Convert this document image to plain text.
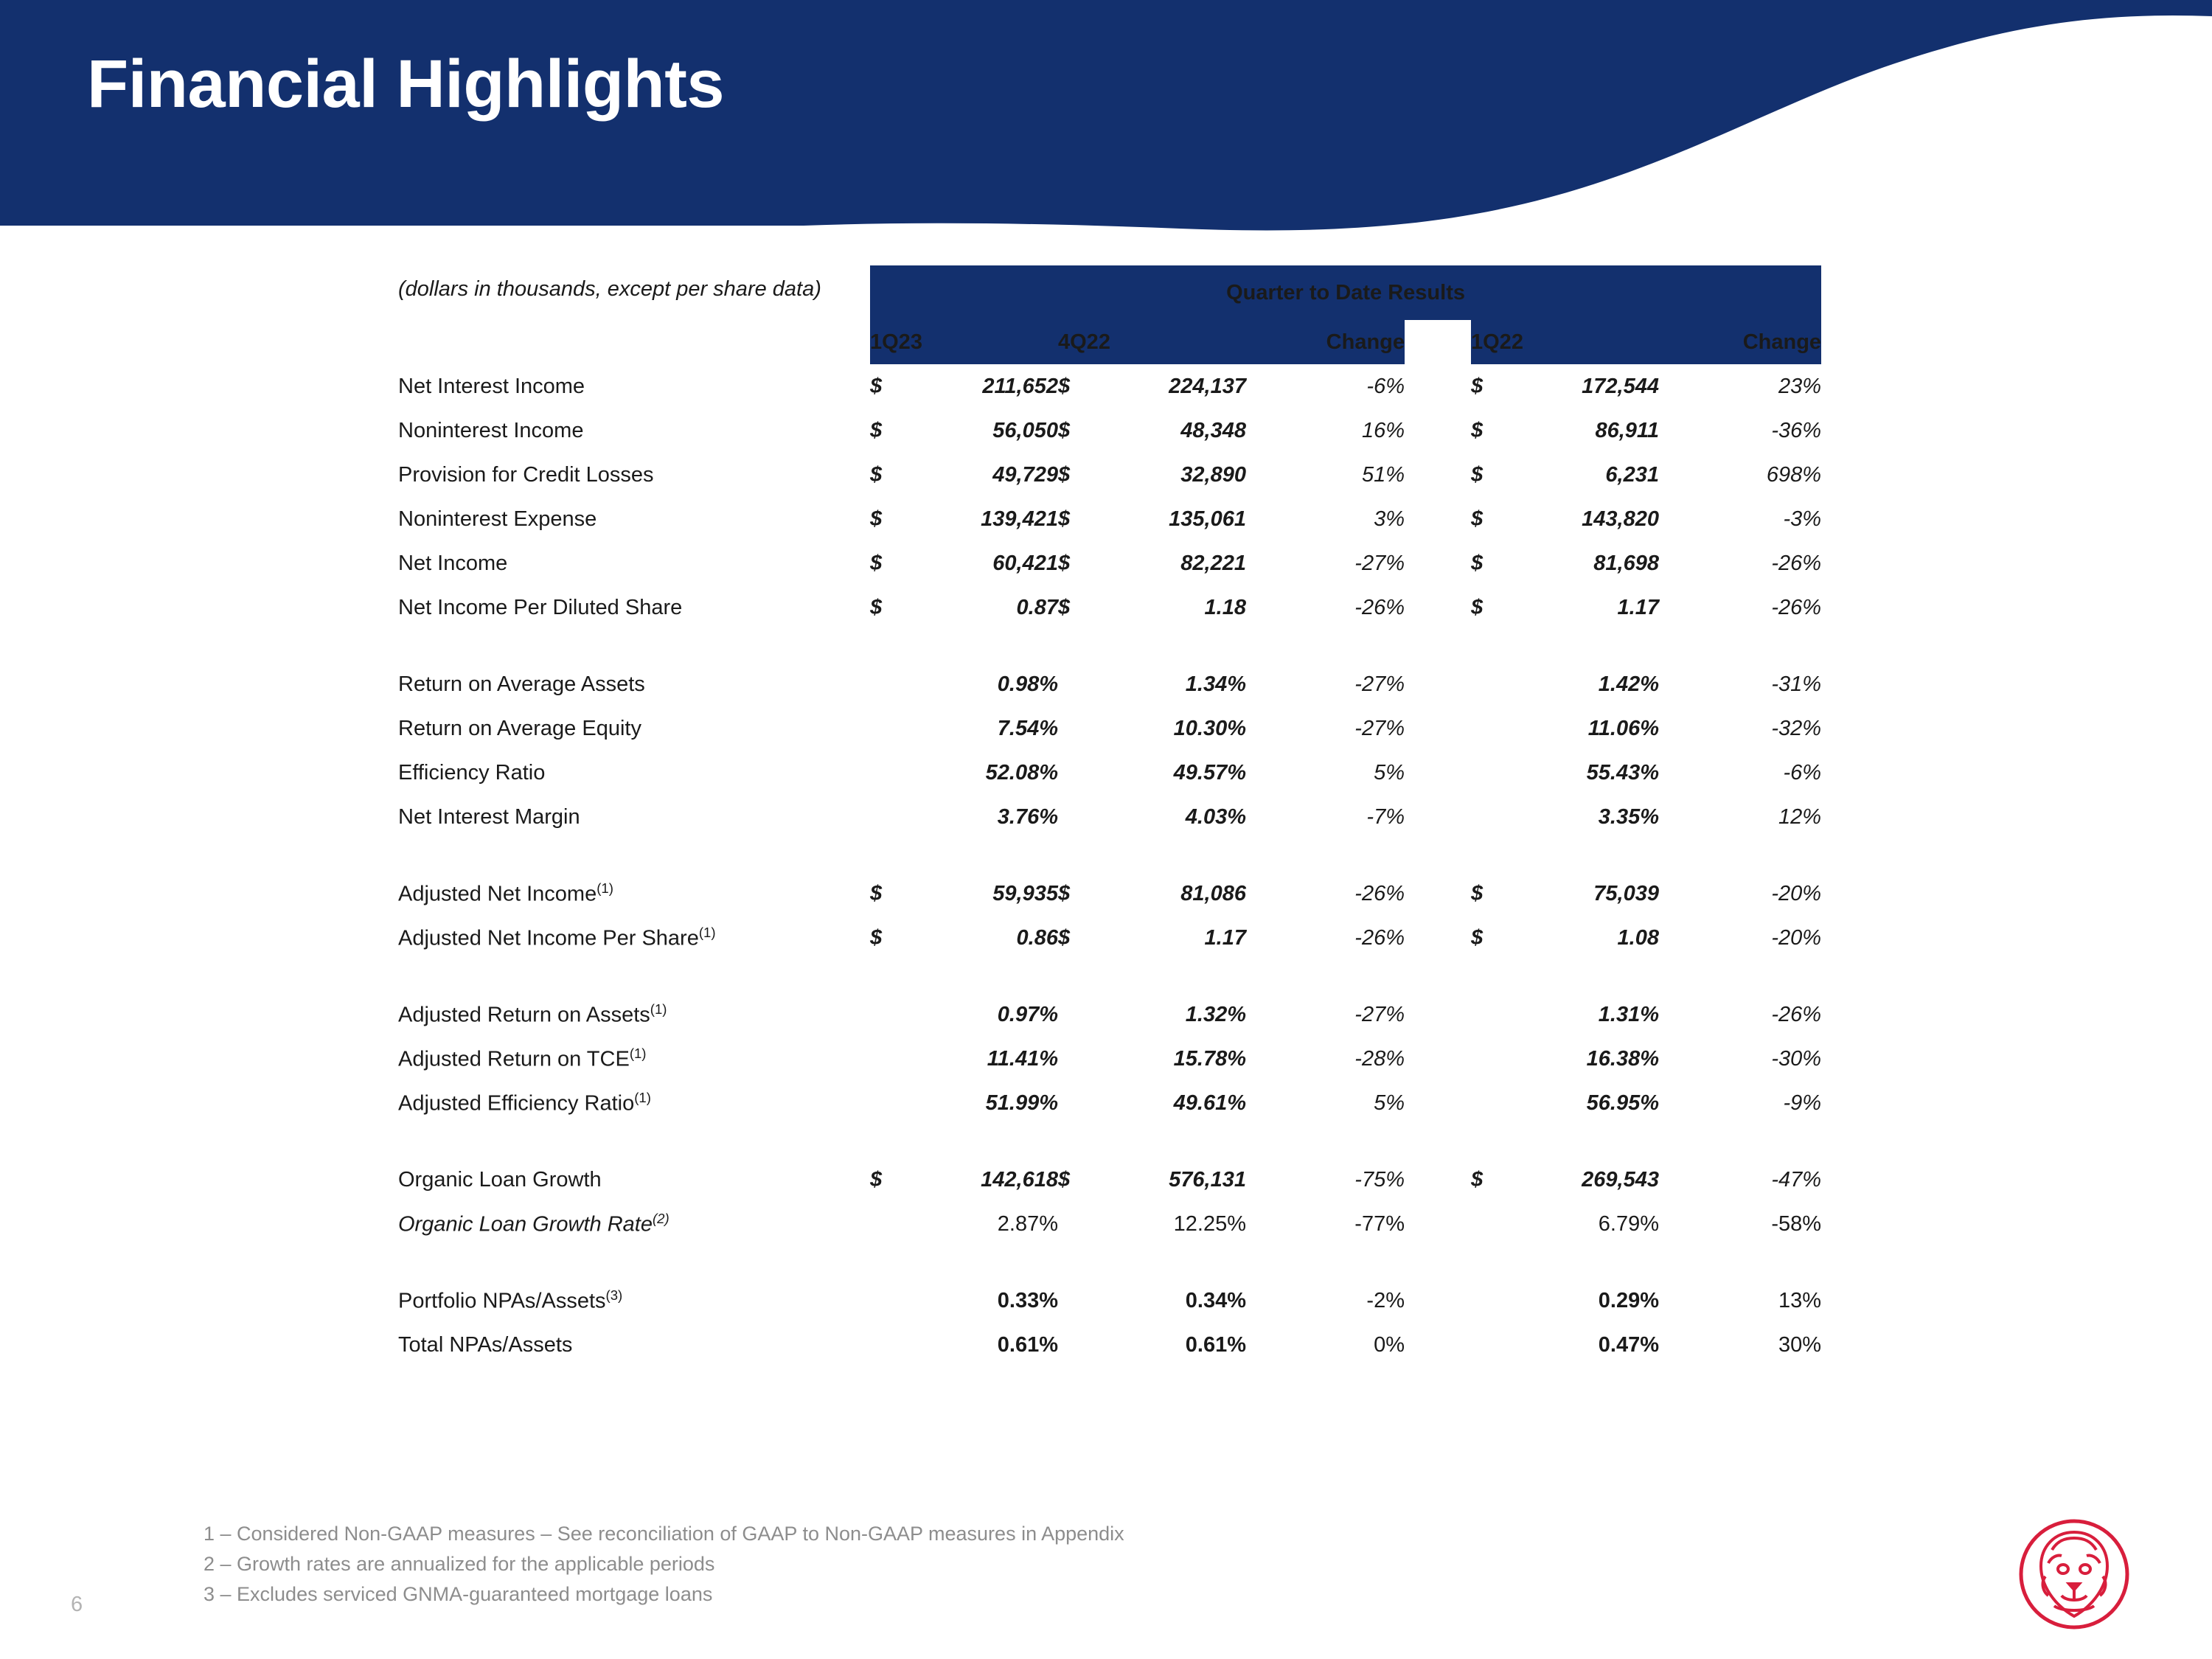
Financial Highlights
(dollars in thousands, except per share data)	Quarter to Date Results								
	1Q23		4Q22		Change		1Q22		Change
Net Interest Income	$	211,652	$	224,137	-6%		$	172,544	23%
Noninterest Income	$	56,050	$	48,348	16%		$	86,911	-36%
Provision for Credit Losses	$	49,729	$	32,890	51%		$	6,231	698%
Noninterest Expense	$	139,421	$	135,061	3%		$	143,820	-3%
Net Income	$	60,421	$	82,221	-27%		$	81,698	-26%
Net Income Per Diluted Share	$	0.87	$	1.18	-26%		$	1.17	-26%

Return on Average Assets		0.98%		1.34%	-27%			1.42%	-31%
Return on Average Equity		7.54%		10.30%	-27%			11.06%	-32%
Efficiency Ratio		52.08%		49.57%	5%			55.43%	-6%
Net Interest Margin		3.76%		4.03%	-7%			3.35%	12%

Adjusted Net Income$^{(1)}$	$	59,935	$	81,086	-26%		$	75,039	-20%
Adjusted Net Income Per Share$^{(1)}$	$	0.86	$	1.17	-26%		$	1.08	-20%

Adjusted Return on Assets$^{(1)}$		0.97%		1.32%	-27%			1.31%	-26%
Adjusted Return on TCE$^{(1)}$		11.41%		15.78%	-28%			16.38%	-30%
Adjusted Efficiency Ratio$^{(1)}$		51.99%		49.61%	5%			56.95%	-9%

Organic Loan Growth	$	142,618	$	576,131	-75%		$	269,543	-47%
Organic Loan Growth Rate$^{(2)}$		2.87%		12.25%	-77%			6.79%	-58%

Portfolio NPAs/Assets$^{(3)}$		0.33%		0.34%	-2%			0.29%	13%
Total NPAs/Assets		0.61%		0.61%	0%			0.47%	30%
1 – Considered Non-GAAP measures – See reconciliation of GAAP to Non-GAAP measures in Appendix
2 – Growth rates are annualized for the applicable periods
3 – Excludes serviced GNMA-guaranteed mortgage loans
6
